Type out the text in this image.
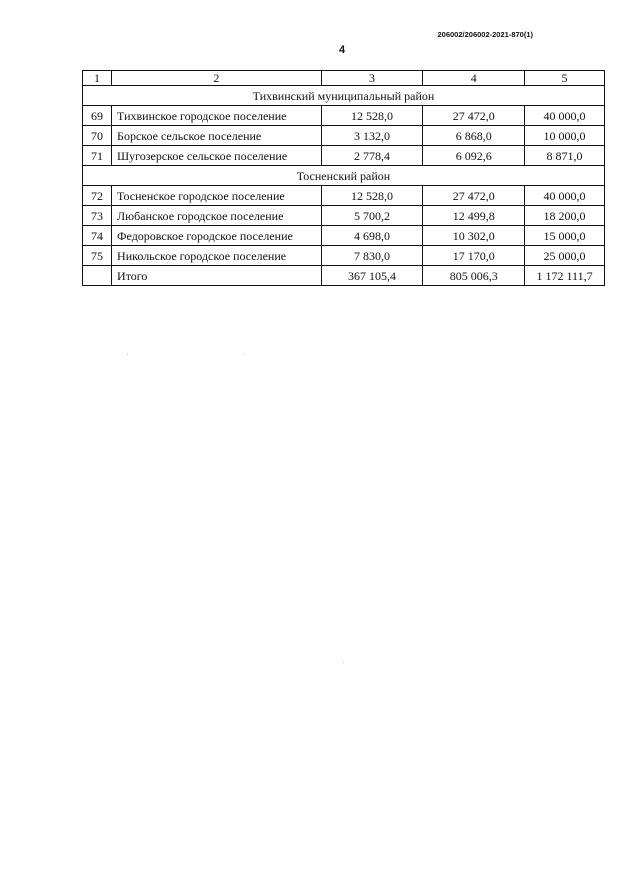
206002/206002-2021-870(1)
4
1	2	3	4	5
Тихвинский муниципальный район				
69	Тихвинское городское поселение	12 528,0	27 472,0	40 000,0
70	Борское сельское поселение	3 132,0	6 868,0	10 000,0
71	Шугозерское сельское поселение	2 778,4	6 092,6	8 871,0
Тосненский район				
72	Тосненское городское поселение	12 528,0	27 472,0	40 000,0
73	Любанское городское поселение	5 700,2	12 499,8	18 200,0
74	Федоровское городское поселение	4 698,0	10 302,0	15 000,0
75	Никольское городское поселение	7 830,0	17 170,0	25 000,0
	Итого	367 105,4	805 006,3	1 172 111,7
